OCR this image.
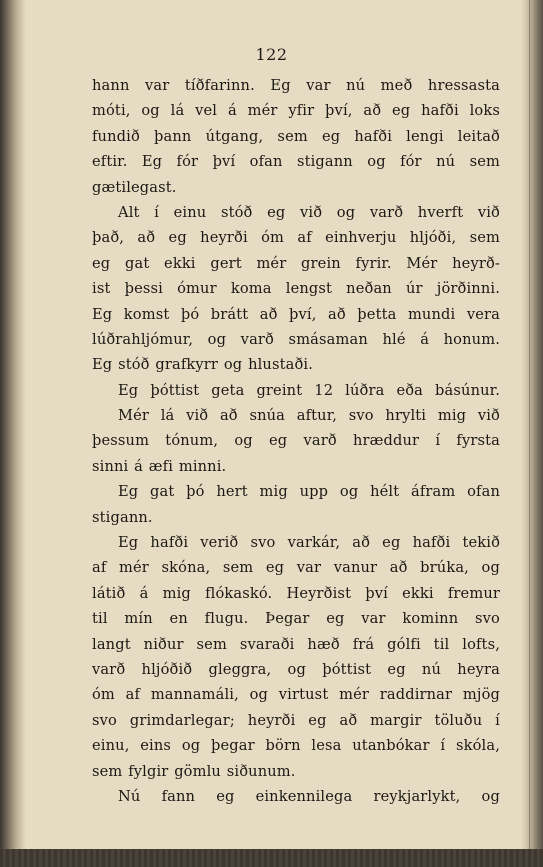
122
hann var tíðfarinn. Eg var nú með hressasta
móti, og lá vel á mér yfir því, að eg hafði loks
fundið þann útgang, sem eg hafði lengi leitað
eftir. Eg fór því ofan stigann og fór nú sem
gætilegast.
Alt í einu stóð eg við og varð hverft við
það, að eg heyrði óm af einhverju hljóði, sem
eg gat ekki gert mér grein fyrir. Mér heyrð-
ist þessi ómur koma lengst neðan úr jörðinni.
Eg komst þó brátt að því, að þetta mundi vera
lúðrahljómur, og varð smásaman hlé á honum.
Eg stóð grafkyrr og hlustaði.
Eg þóttist geta greint 12 lúðra eða básúnur.
Mér lá við að snúa aftur, svo hrylti mig við
þessum tónum, og eg varð hræddur í fyrsta
sinni á æfi minni.
Eg gat þó hert mig upp og hélt áfram ofan
stigann.
Eg hafði verið svo varkár, að eg hafði tekið
af mér skóna, sem eg var vanur að brúka, og
látið á mig flókaskó. Heyrðist því ekki fremur
til mín en flugu. Þegar eg var kominn svo
langt niður sem svaraði hæð frá gólfi til lofts,
varð hljóðið gleggra, og þóttist eg nú heyra
óm af mannamáli, og virtust mér raddirnar mjög
svo grimdarlegar; heyrði eg að margir töluðu í
einu, eins og þegar börn lesa utanbókar í skóla,
sem fylgir gömlu siðunum.
Nú fann eg einkennilega reykjarlykt, og
